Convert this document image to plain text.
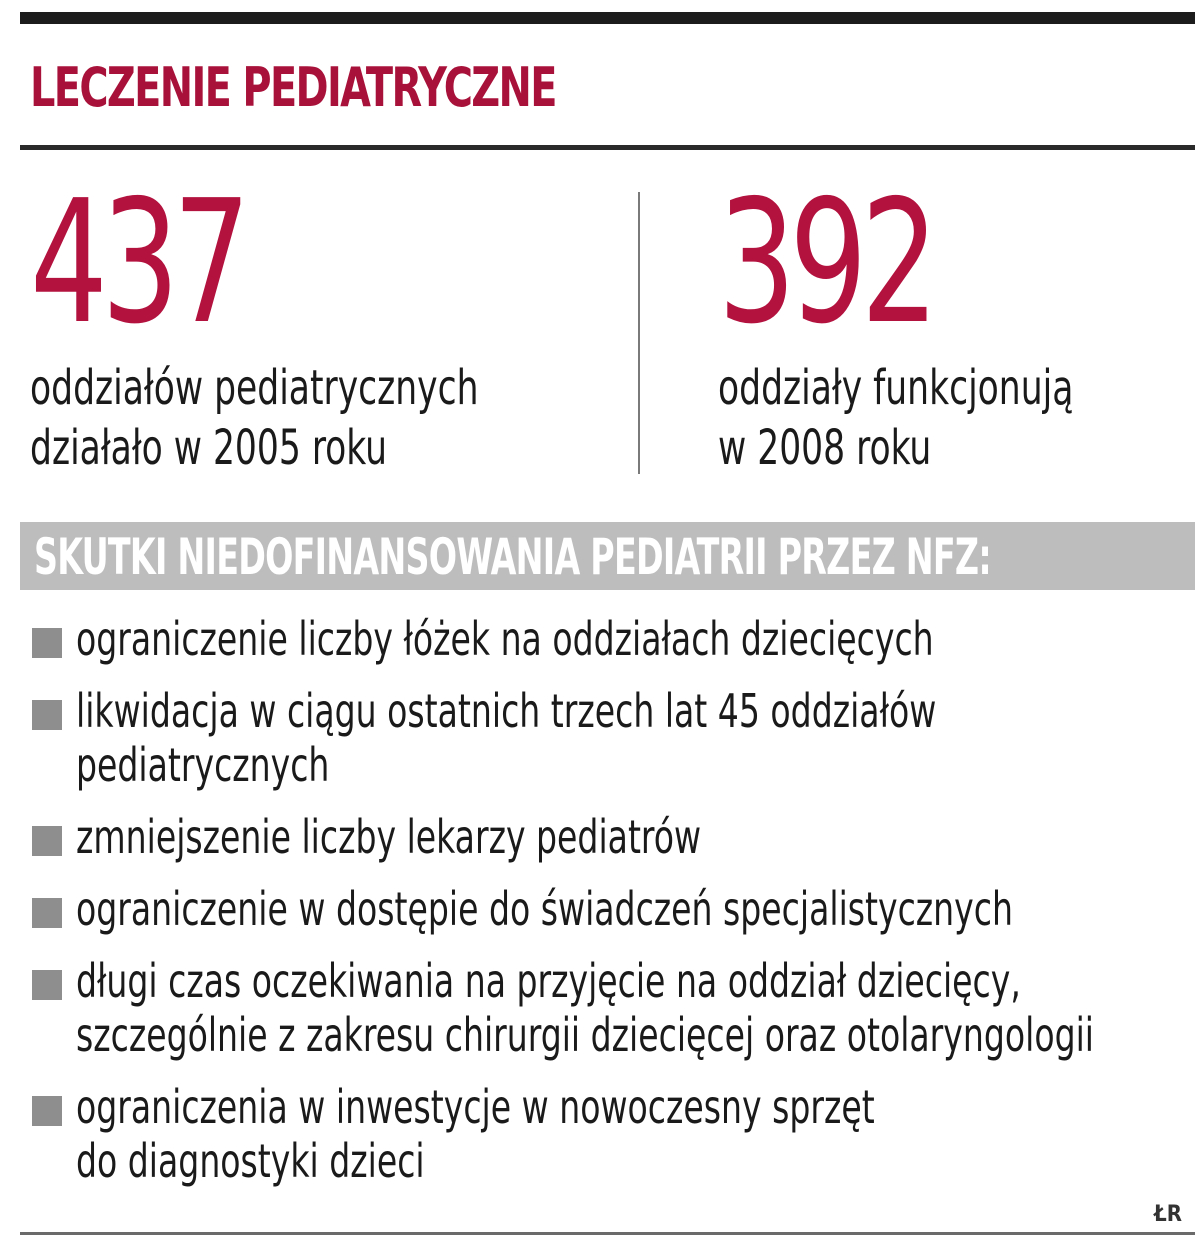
LECZENIE PEDIATRYCZNE
437
oddziałów pediatrycznych
działało w 2005 roku
392
oddziały funkcjonują
w 2008 roku
SKUTKI NIEDOFINANSOWANIA PEDIATRII PRZEZ NFZ:
ograniczenie liczby łóżek na oddziałach dziecięcych
likwidacja w ciągu ostatnich trzech lat 45 oddziałów
pediatrycznych
zmniejszenie liczby lekarzy pediatrów
ograniczenie w dostępie do świadczeń specjalistycznych
długi czas oczekiwania na przyjęcie na oddział dziecięcy,
szczególnie z zakresu chirurgii dziecięcej oraz otolaryngologii
ograniczenia w inwestycje w nowoczesny sprzęt
do diagnostyki dzieci
ŁR
